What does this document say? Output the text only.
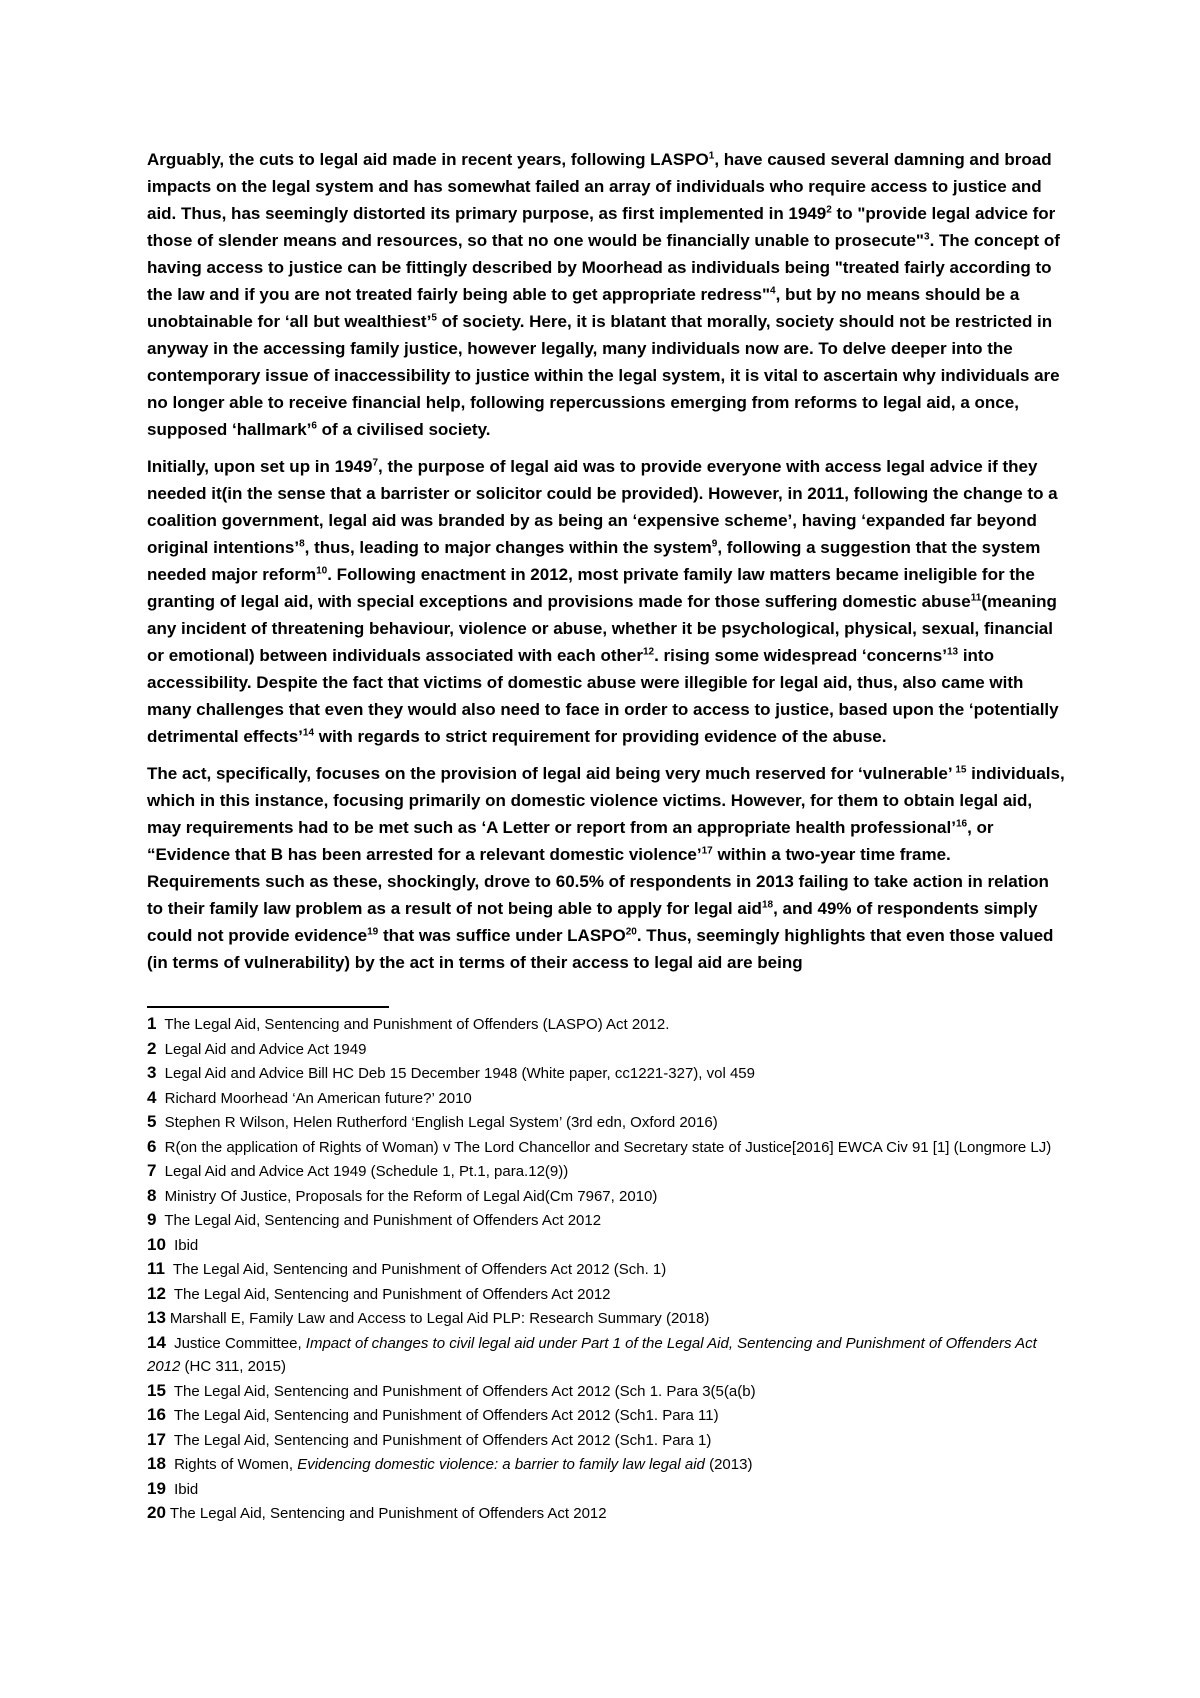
Arguably, the cuts to legal aid made in recent years, following LASPO$^1$, have caused several damning and broad impacts on the legal system and has somewhat failed an array of individuals who require access to justice and aid. Thus, has seemingly distorted its primary purpose, as first implemented in 1949$^2$ to "provide legal advice for those of slender means and resources, so that no one would be financially unable to prosecute"$^3$. The concept of having access to justice can be fittingly described by Moorhead as individuals being "treated fairly according to the law and if you are not treated fairly being able to get appropriate redress"$^4$, but by no means should be a unobtainable for ‘all but wealthiest’$^5$ of society. Here, it is blatant that morally, society should not be restricted in anyway in the accessing family justice, however legally, many individuals now are. To delve deeper into the contemporary issue of inaccessibility to justice within the legal system, it is vital to ascertain why individuals are no longer able to receive financial help, following repercussions emerging from reforms to legal aid, a once, supposed ‘hallmark’$^6$ of a civilised society.

Initially, upon set up in 1949$^7$, the purpose of legal aid was to provide everyone with access legal advice if they needed it(in the sense that a barrister or solicitor could be provided). However, in 2011, following the change to a coalition government, legal aid was branded by as being an ‘expensive scheme’, having ‘expanded far beyond original intentions’$^8$, thus, leading to major changes within the system$^9$, following a suggestion that the system needed major reform$^{10}$. Following enactment in 2012, most private family law matters became ineligible for the granting of legal aid, with special exceptions and provisions made for those suffering domestic abuse$^{11}$(meaning any incident of threatening behaviour, violence or abuse, whether it be psychological, physical, sexual, financial or emotional) between individuals associated with each other$^{12}$. rising some widespread ‘concerns’$^{13}$ into accessibility. Despite the fact that victims of domestic abuse were illegible for legal aid, thus, also came with many challenges that even they would also need to face in order to access to justice, based upon the ‘potentially detrimental effects’$^{14}$ with regards to strict requirement for providing evidence of the abuse.

The act, specifically, focuses on the provision of legal aid being very much reserved for ‘vulnerable’ $^{15}$ individuals, which in this instance, focusing primarily on domestic violence victims. However, for them to obtain legal aid, may requirements had to be met such as ‘A Letter or report from an appropriate health professional’$^{16}$, or “Evidence that B has been arrested for a relevant domestic violence’$^{17}$ within a two-year time frame. Requirements such as these, shockingly, drove to 60.5% of respondents in 2013 failing to take action in relation to their family law problem as a result of not being able to apply for legal aid$^{18}$, and 49% of respondents simply could not provide evidence$^{19}$ that was suffice under LASPO$^{20}$. Thus, seemingly highlights that even those valued (in terms of vulnerability) by the act in terms of their access to legal aid are being

1 The Legal Aid, Sentencing and Punishment of Offenders (LASPO) Act 2012.
2 Legal Aid and Advice Act 1949
3 Legal Aid and Advice Bill HC Deb 15 December 1948 (White paper, cc1221-327), vol 459
4 Richard Moorhead ‘An American future?’ 2010
5 Stephen R Wilson, Helen Rutherford ‘English Legal System’ (3rd edn, Oxford 2016)
6 R(on the application of Rights of Woman) v The Lord Chancellor and Secretary state of Justice[2016] EWCA Civ 91 [1] (Longmore LJ)
7 Legal Aid and Advice Act 1949 (Schedule 1, Pt.1, para.12(9))
8 Ministry Of Justice, Proposals for the Reform of Legal Aid(Cm 7967, 2010)
9 The Legal Aid, Sentencing and Punishment of Offenders Act 2012
10 Ibid
11 The Legal Aid, Sentencing and Punishment of Offenders Act 2012 (Sch. 1)
12 The Legal Aid, Sentencing and Punishment of Offenders Act 2012
13 Marshall E, Family Law and Access to Legal Aid PLP: Research Summary (2018)
14 Justice Committee, Impact of changes to civil legal aid under Part 1 of the Legal Aid, Sentencing and Punishment of Offenders Act 2012 (HC 311, 2015)
15 The Legal Aid, Sentencing and Punishment of Offenders Act 2012 (Sch 1. Para 3(5(a(b)
16 The Legal Aid, Sentencing and Punishment of Offenders Act 2012 (Sch1. Para 11)
17 The Legal Aid, Sentencing and Punishment of Offenders Act 2012 (Sch1. Para 1)
18 Rights of Women, Evidencing domestic violence: a barrier to family law legal aid (2013)
19 Ibid
20 The Legal Aid, Sentencing and Punishment of Offenders Act 2012
